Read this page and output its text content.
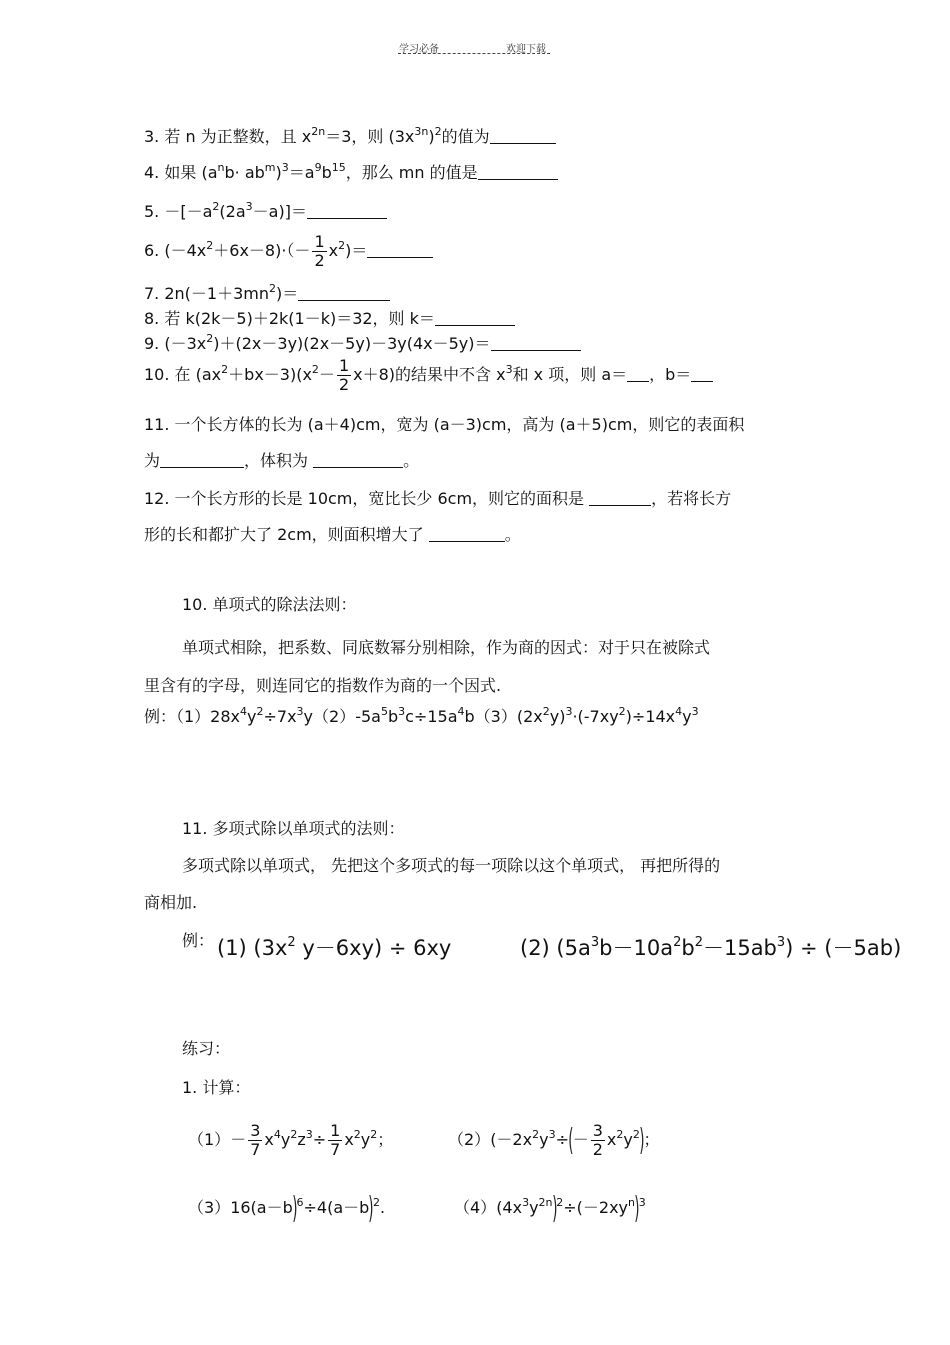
学习必备	欢迎下载
3. 若 n 为正整数，且 $x^{2n}=3$，则 $(3x^{3n})^2$的值为
4. 如果 $(a^nb\cdot ab^m)^3=a^9b^{15}$，那么 mn 的值是
5. $-[-a^2(2a^3-a)]=$
6. $(-4x^2+6x-8)\cdot(- \frac{1}{2} x^2)=$
7. $2n(-1+3mn^2)=$
8. 若 k(2k－5)＋2k(1－k)＝32，则 k＝
9. $(-3x^2)+(2x-3y)(2x-5y)-3y(4x-5y)=$
10. 在 $(ax^2+bx-3)(x^2- \frac{1}{2} x+8)$的结果中不含 $x^3$和 x 项，则 a＝ ，b＝
11. 一个长方体的长为 (a＋4)cm，宽为 (a－3)cm，高为 (a＋5)cm，则它的表面积
为	，体积为	。
12. 一个长方形的长是 10cm，宽比长少 6cm，则它的面积是	，若将长方
形的长和都扩大了 2cm，则面积增大了	。
10. 单项式的除法法则：
单项式相除，把系数、同底数幂分别相除，作为商的因式：对于只在被除式
里含有的字母，则连同它的指数作为商的一个因式.
例：$(1)28x^4y^2\div 7x^3y(2)-5a^5b^3c\div 15a^4b(3)(2x^2y)^3\cdot(-7xy^2)\div 14x^4y^3$
11. 多项式除以单项式的法则：
多项式除以单项式， 先把这个多项式的每一项除以这个单项式， 再把所得的
商相加.
例： (1) ($3x^2$ y－6xy) ÷ 6xy	(2) $(5a^3b-10a^2b^2-15ab^3) \div (-5ab)$
练习：
1. 计算：
$(1)- \frac{3}{7} x^4y^2z^3\div \frac{1}{7} x^2y^2$；	$(2)(-2x^2y^3\div(- \frac{3}{2} x^2y^2)$；
$(3)16(a-b)^6\div 4(a-b)^2$.	$(4)(4x^3y^{2n})^2\div(-2xy^n)^3$
